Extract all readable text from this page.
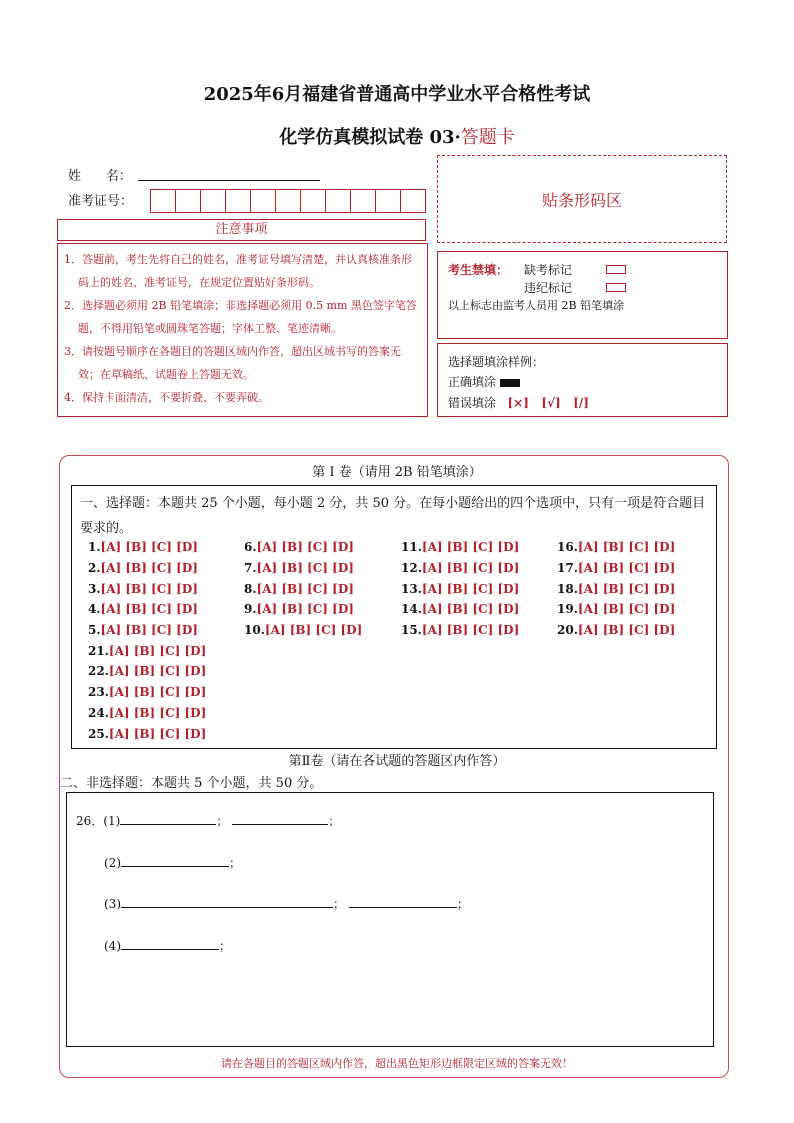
2025年6月福建省普通高中学业水平合格性考试
化学仿真模拟试卷 03·答题卡
姓      名：
准考证号：	贴条形码区
注意事项
1．答题前，考生先将自己的姓名，准考证号填写清楚，并认真核准条形码上的姓名、准考证号，在规定位置贴好条形码。
2．选择题必须用 2B 铅笔填涂；非选择题必须用 0.5 mm 黑色签字笔答题，不得用铅笔或圆珠笔答题；字体工整、笔迹清晰。
3．请按题号顺序在各题目的答题区域内作答，超出区域书写的答案无效；在草稿纸、试题卷上答题无效。
4．保持卡面清洁，不要折叠、不要弄破。
考生禁填： 缺考标记
违纪标记
以上标志由监考人员用 2B 铅笔填涂
选择题填涂样例：
正确填涂
错误填涂 [×]   [√]   [/]
第 I 卷（请用 2B 铅笔填涂）
一、选择题：本题共 25 个小题，每小题 2 分，共 50 分。在每小题给出的四个选项中，只有一项是符合题目要求的。
1.[A] [B] [C] [D]
2.[A] [B] [C] [D]
3.[A] [B] [C] [D]
4.[A] [B] [C] [D]
5.[A] [B] [C] [D]
6.[A] [B] [C] [D]
7.[A] [B] [C] [D]
8.[A] [B] [C] [D]
9.[A] [B] [C] [D]
10.[A] [B] [C] [D]
11.[A] [B] [C] [D]
12.[A] [B] [C] [D]
13.[A] [B] [C] [D]
14.[A] [B] [C] [D]
15.[A] [B] [C] [D]
16.[A] [B] [C] [D]
17.[A] [B] [C] [D]
18.[A] [B] [C] [D]
19.[A] [B] [C] [D]
20.[A] [B] [C] [D]
21.[A] [B] [C] [D]
22.[A] [B] [C] [D]
23.[A] [B] [C] [D]
24.[A] [B] [C] [D]
25.[A] [B] [C] [D]
第Ⅱ卷（请在各试题的答题区内作答）
二、非选择题：本题共 5 个小题，共 50 分。
26．(1)	；	；
(2)	；
(3)	；	；
(4)	；
请在各题目的答题区域内作答，超出黑色矩形边框限定区域的答案无效！
